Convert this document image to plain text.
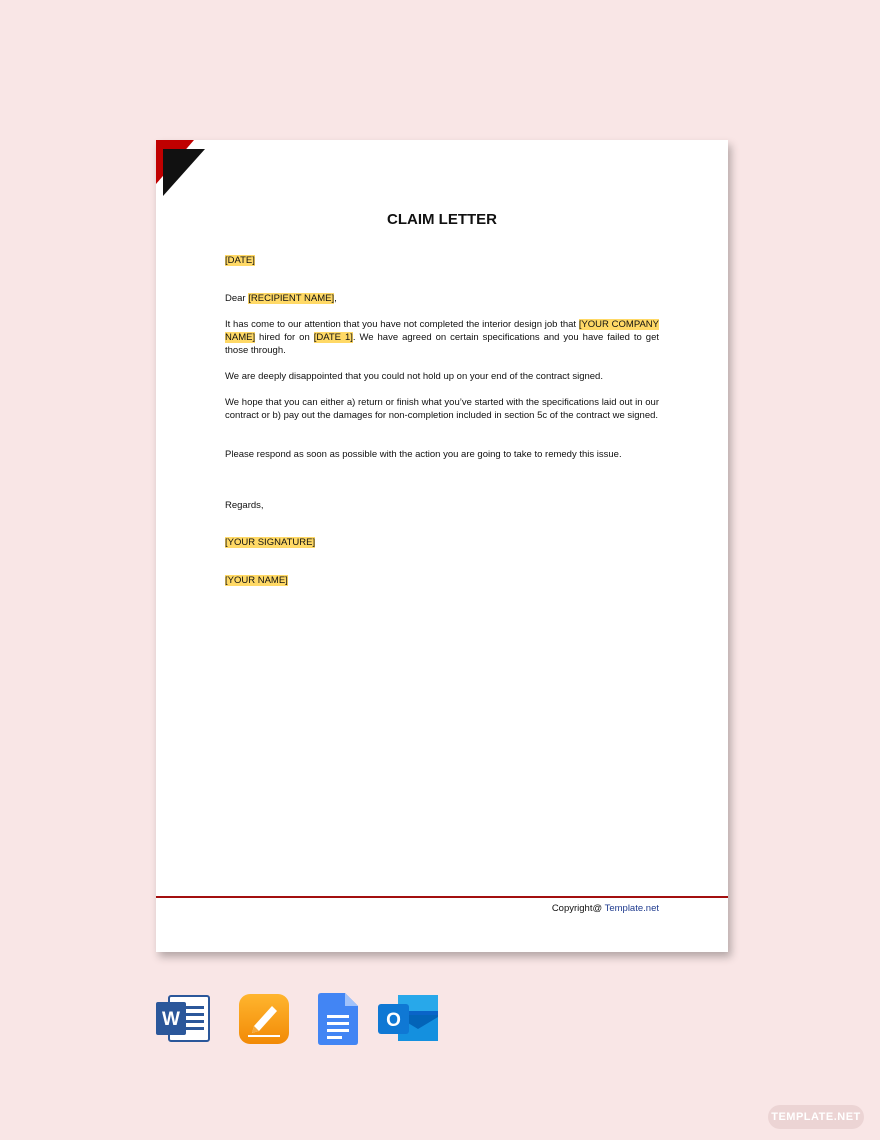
CLAIM LETTER
[DATE]
Dear [RECIPIENT NAME],
It has come to our attention that you have not completed the interior design job that [YOUR COMPANY NAME] hired for on [DATE 1]. We have agreed on certain specifications and you have failed to get those through.
We are deeply disappointed that you could not hold up on your end of the contract signed.
We hope that you can either a) return or finish what you’ve started with the specifications laid out in our contract or b) pay out the damages for non-completion included in section 5c of the contract we signed.
Please respond as soon as possible with the action you are going to take to remedy this issue.
Regards,
[YOUR SIGNATURE]
[YOUR NAME]
Copyright@ Template.net
W	O
TEMPLATE.NET
